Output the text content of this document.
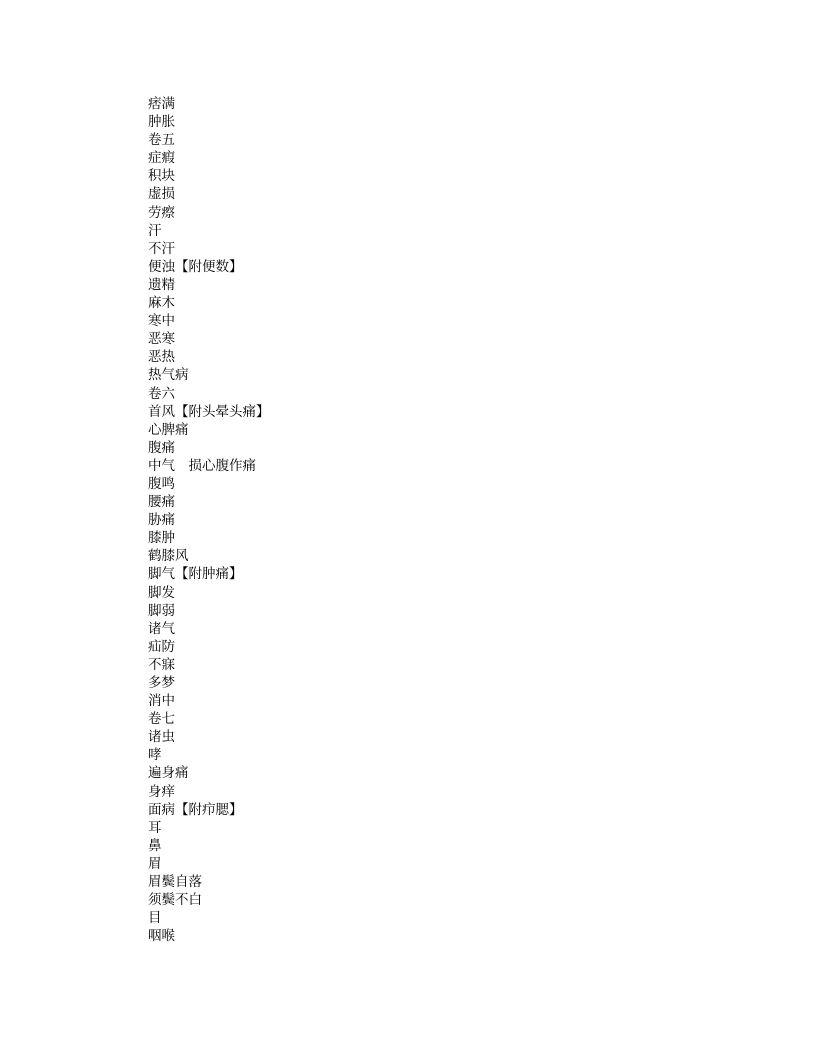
痞满
肿胀
卷五
症瘕
积块
虚损
劳瘵
汗
不汗
便浊【附便数】
遗精
麻木
寒中
恶寒
恶热
热气病
卷六
首风【附头晕头痛】
心脾痛
腹痛
中气　损心腹作痛
腹鸣
腰痛
胁痛
膝肿
鹤膝风
脚气【附肿痛】
脚发
脚弱
诸气
疝防
不寐
多梦
消中
卷七
诸虫
哮
遍身痛
身痒
面病【附疖腮】
耳
鼻
眉
眉鬓自落
须鬓不白
目
咽喉
